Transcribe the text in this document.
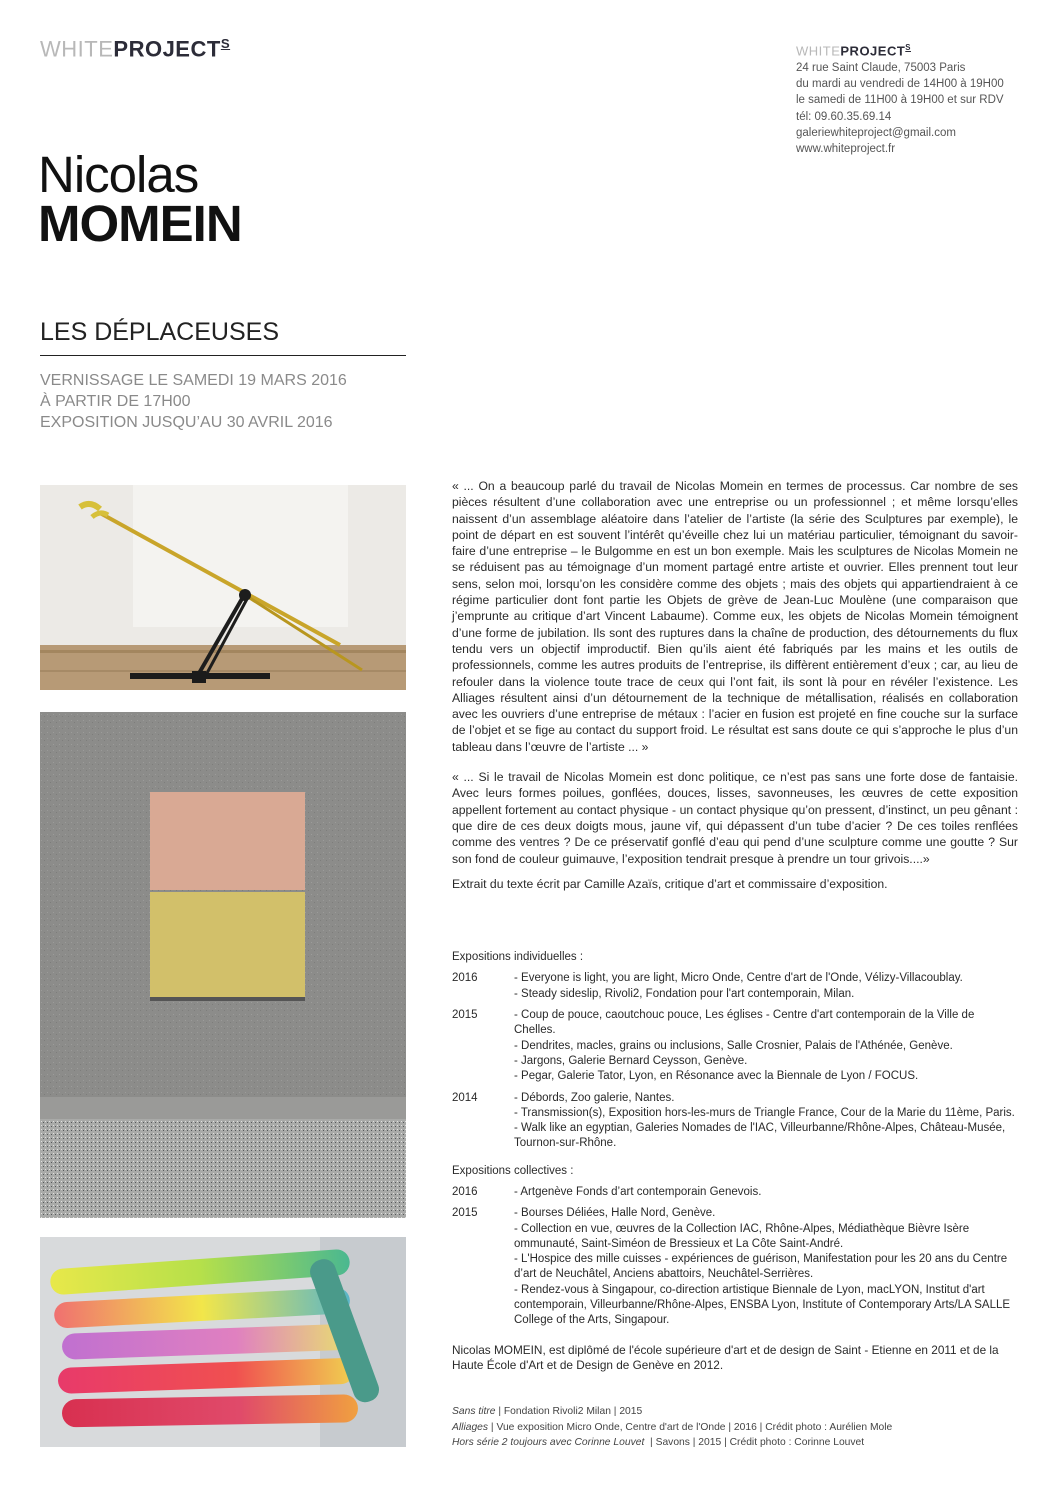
$WHITEPROJECT^S$	$WHITEPROJECT^S$
24 rue Saint Claude, 75003 Paris
du mardi au vendredi de 14H00 à 19H00
le samedi de 11H00 à 19H00 et sur RDV
tél: 09.60.35.69.14
galeriewhiteproject@gmail.com
www.whiteproject.fr
Nicolas
MOMEIN
LES DÉPLACEUSES
VERNISSAGE LE SAMEDI 19 MARS 2016
À PARTIR DE 17H00
EXPOSITION JUSQU’AU 30 AVRIL 2016

« ... On a beaucoup parlé du travail de Nicolas Momein en termes de processus. Car nombre de ses pièces résultent d’une collaboration avec une entreprise ou un professionnel ; et même lorsqu’elles naissent d’un assemblage aléatoire dans l’atelier de l’artiste (la série des Sculptures par exemple), le point de départ en est souvent l’intérêt qu’éveille chez lui un matériau particulier, témoignant du savoir-faire d’une entreprise – le Bulgomme en est un bon exemple. Mais les sculptures de Nicolas Momein ne se réduisent pas au témoignage d’un moment partagé entre artiste et ouvrier. Elles prennent tout leur sens, selon moi, lorsqu’on les considère comme des objets ; mais des objets qui appartiendraient à ce régime particulier dont font partie les Objets de grève de Jean-Luc Moulène (une comparaison que j’emprunte au critique d’art Vincent Labaume). Comme eux, les objets de Nicolas Momein témoignent d’une forme de jubilation. Ils sont des ruptures dans la chaîne de production, des détournements du flux tendu vers un objectif improductif. Bien qu’ils aient été fabriqués par les mains et les outils de professionnels, comme les autres produits de l’entreprise, ils diffèrent entièrement d’eux ; car, au lieu de refouler dans la violence toute trace de ceux qui l’ont fait, ils sont là pour en révéler l’existence. Les Alliages résultent ainsi d’un détournement de la technique de métallisation, réalisés en collaboration avec les ouvriers d’une entreprise de métaux : l’acier en fusion est projeté en fine couche sur la surface de l’objet et se fige au contact du support froid. Le résultat est sans doute ce qui s’approche le plus d’un tableau dans l’œuvre de l’artiste ... »

« ... Si le travail de Nicolas Momein est donc politique, ce n’est pas sans une forte dose de fantaisie. Avec leurs formes poilues, gonflées, douces, lisses, savonneuses, les œuvres de cette exposition appellent fortement au contact physique - un contact physique qu’on pressent, d’instinct, un peu gênant : que dire de ces deux doigts mous, jaune vif, qui dépassent d’un tube d’acier ? De ces toiles renflées comme des ventres ? De ce préservatif gonflé d’eau qui pend d’une sculpture comme une goutte ? Sur son fond de couleur guimauve, l’exposition tendrait presque à prendre un tour grivois....»

Extrait du texte écrit par Camille Azaïs, critique d’art et commissaire d’exposition.

Expositions individuelles :
2016	- Everyone is light, you are light, Micro Onde, Centre d'art de l'Onde, Vélizy-Villacoublay.
- Steady sideslip, Rivoli2, Fondation pour l'art contemporain, Milan.
2015	- Coup de pouce, caoutchouc pouce, Les églises - Centre d'art contemporain de la Ville de Chelles.
- Dendrites, macles, grains ou inclusions, Salle Crosnier, Palais de l'Athénée, Genève.
- Jargons, Galerie Bernard Ceysson, Genève.
- Pegar, Galerie Tator, Lyon, en Résonance avec la Biennale de Lyon / FOCUS.
2014	- Débords, Zoo galerie, Nantes.
- Transmission(s), Exposition hors-les-murs de Triangle France, Cour de la Marie du 11ème, Paris.
- Walk like an egyptian, Galeries Nomades de l'IAC, Villeurbanne/Rhône-Alpes, Château-Musée, Tournon-sur-Rhône.
Expositions collectives :
2016	- Artgenève Fonds d’art contemporain Genevois.
2015	- Bourses Déliées, Halle Nord, Genève.
- Collection en vue, œuvres de la Collection IAC, Rhône-Alpes, Médiathèque Bièvre Isère ommunauté, Saint-Siméon de Bressieux et La Côte Saint-André.
- L'Hospice des mille cuisses - expériences de guérison, Manifestation pour les 20 ans du Centre d’art de Neuchâtel, Anciens abattoirs, Neuchâtel-Serrières.
- Rendez-vous à Singapour, co-direction artistique Biennale de Lyon, macLYON, Institut d'art contemporain, Villeurbanne/Rhône-Alpes, ENSBA Lyon, Institute of Contemporary Arts/LA SALLE College of the Arts, Singapour.
Nicolas MOMEIN, est diplômé de l'école supérieure d'art et de design de Saint - Etienne en 2011 et de la Haute École d'Art et de Design de Genève en 2012.
Sans titre | Fondation Rivoli2 Milan | 2015
Alliages | Vue exposition Micro Onde, Centre d'art de l'Onde | 2016 | Crédit photo : Aurélien Mole
Hors série 2 toujours avec Corinne Louvet  | Savons | 2015 | Crédit photo : Corinne Louvet
